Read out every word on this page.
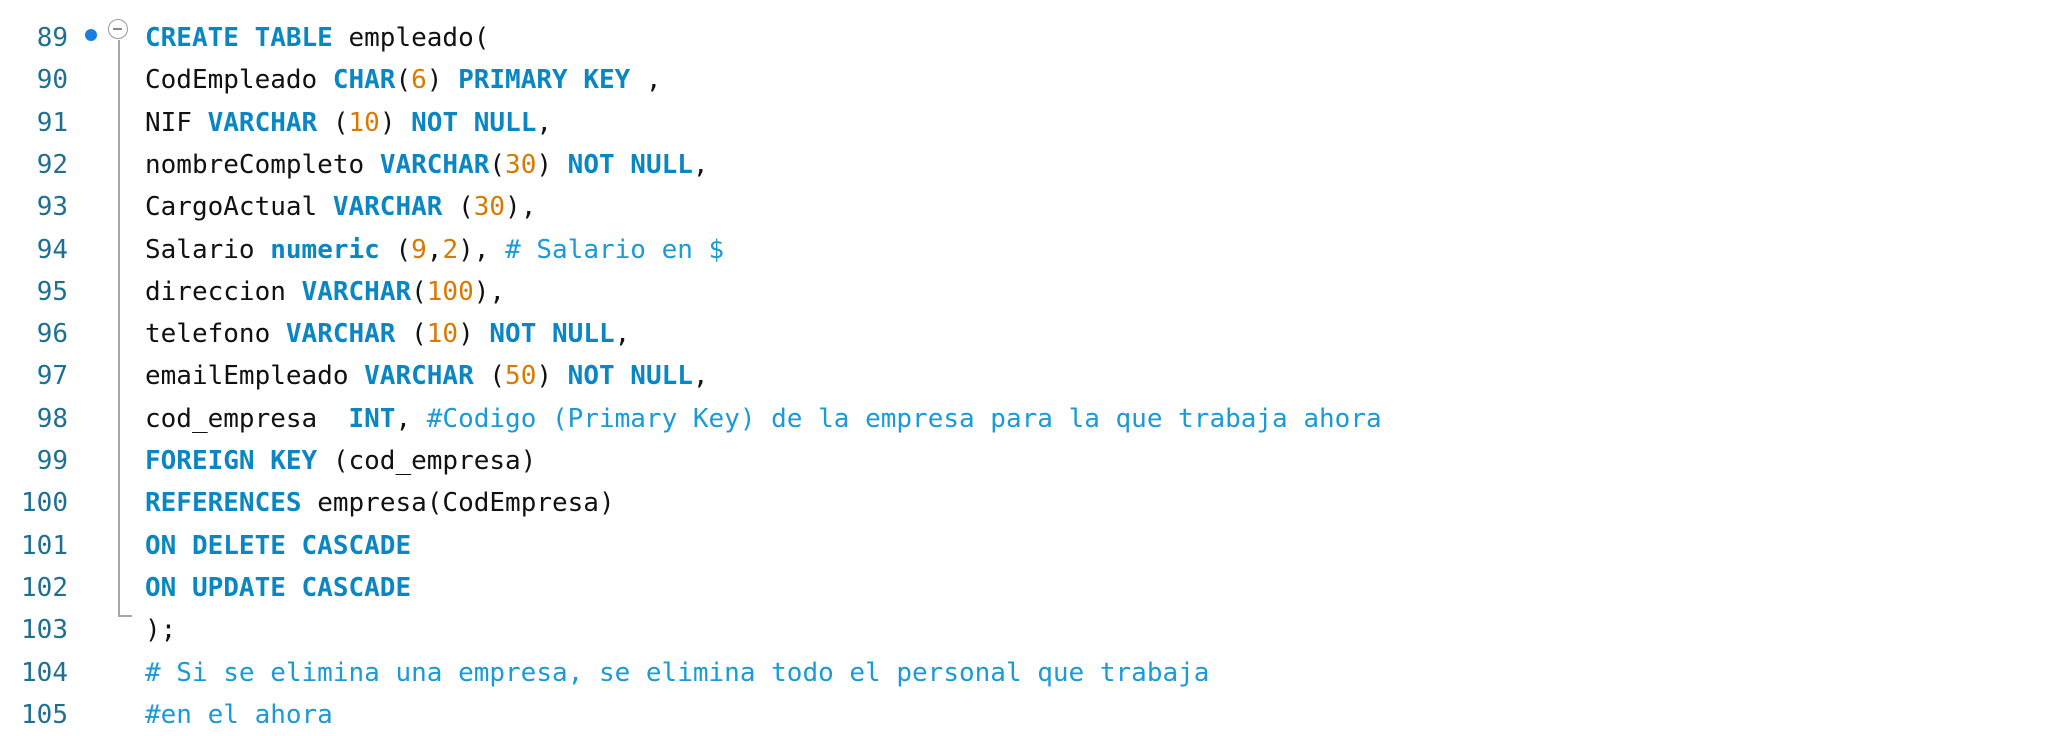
89	CREATE TABLE empleado(
90	CodEmpleado CHAR(6) PRIMARY KEY ,
91	NIF VARCHAR (10) NOT NULL,
92	nombreCompleto VARCHAR(30) NOT NULL,
93	CargoActual VARCHAR (30),
94	Salario numeric (9,2), # Salario en $
95	direccion VARCHAR(100),
96	telefono VARCHAR (10) NOT NULL,
97	emailEmpleado VARCHAR (50) NOT NULL,
98	cod_empresa  INT, #Codigo (Primary Key) de la empresa para la que trabaja ahora
99	FOREIGN KEY (cod_empresa)
100	REFERENCES empresa(CodEmpresa)
101	ON DELETE CASCADE
102	ON UPDATE CASCADE
103	);
104	# Si se elimina una empresa, se elimina todo el personal que trabaja
105	#en el ahora
